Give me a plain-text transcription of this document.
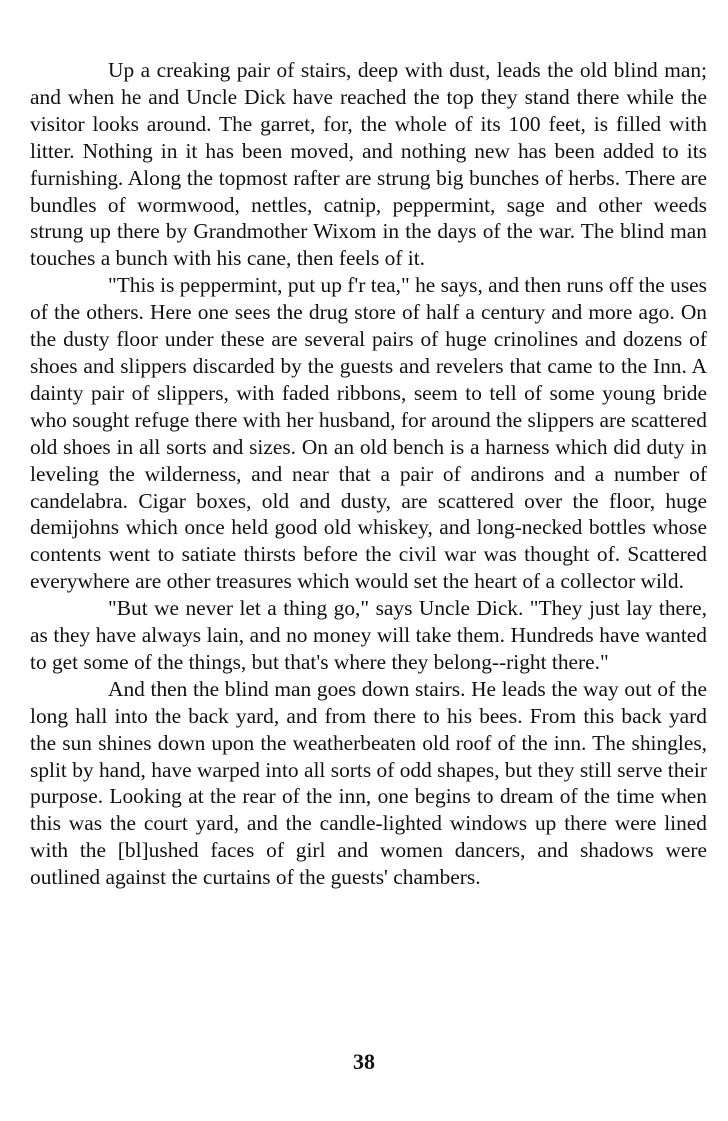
Up a creaking pair of stairs, deep with dust, leads the old blind man; and when he and Uncle Dick have reached the top they stand there while the visitor looks around. The garret, for, the whole of its 100 feet, is filled with litter. Nothing in it has been moved, and nothing new has been added to its furnishing. Along the topmost rafter are strung big bunches of herbs. There are bundles of wormwood, nettles, catnip, peppermint, sage and other weeds strung up there by Grandmother Wixom in the days of the war. The blind man touches a bunch with his cane, then feels of it.

"This is peppermint, put up f'r tea," he says, and then runs off the uses of the others. Here one sees the drug store of half a century and more ago. On the dusty floor under these are several pairs of huge crinolines and dozens of shoes and slippers discarded by the guests and revelers that came to the Inn. A dainty pair of slippers, with faded ribbons, seem to tell of some young bride who sought refuge there with her husband, for around the slippers are scattered old shoes in all sorts and sizes. On an old bench is a harness which did duty in leveling the wilderness, and near that a pair of andirons and a number of candelabra. Cigar boxes, old and dusty, are scattered over the floor, huge demijohns which once held good old whiskey, and long-necked bottles whose contents went to satiate thirsts before the civil war was thought of. Scattered everywhere are other treasures which would set the heart of a collector wild.

"But we never let a thing go," says Uncle Dick. "They just lay there, as they have always lain, and no money will take them. Hundreds have wanted to get some of the things, but that's where they belong--right there."

And then the blind man goes down stairs. He leads the way out of the long hall into the back yard, and from there to his bees. From this back yard the sun shines down upon the weatherbeaten old roof of the inn. The shingles, split by hand, have warped into all sorts of odd shapes, but they still serve their purpose. Looking at the rear of the inn, one begins to dream of the time when this was the court yard, and the candle-lighted windows up there were lined with the [bl]ushed faces of girl and women dancers, and shadows were outlined against the curtains of the guests' chambers.

38
